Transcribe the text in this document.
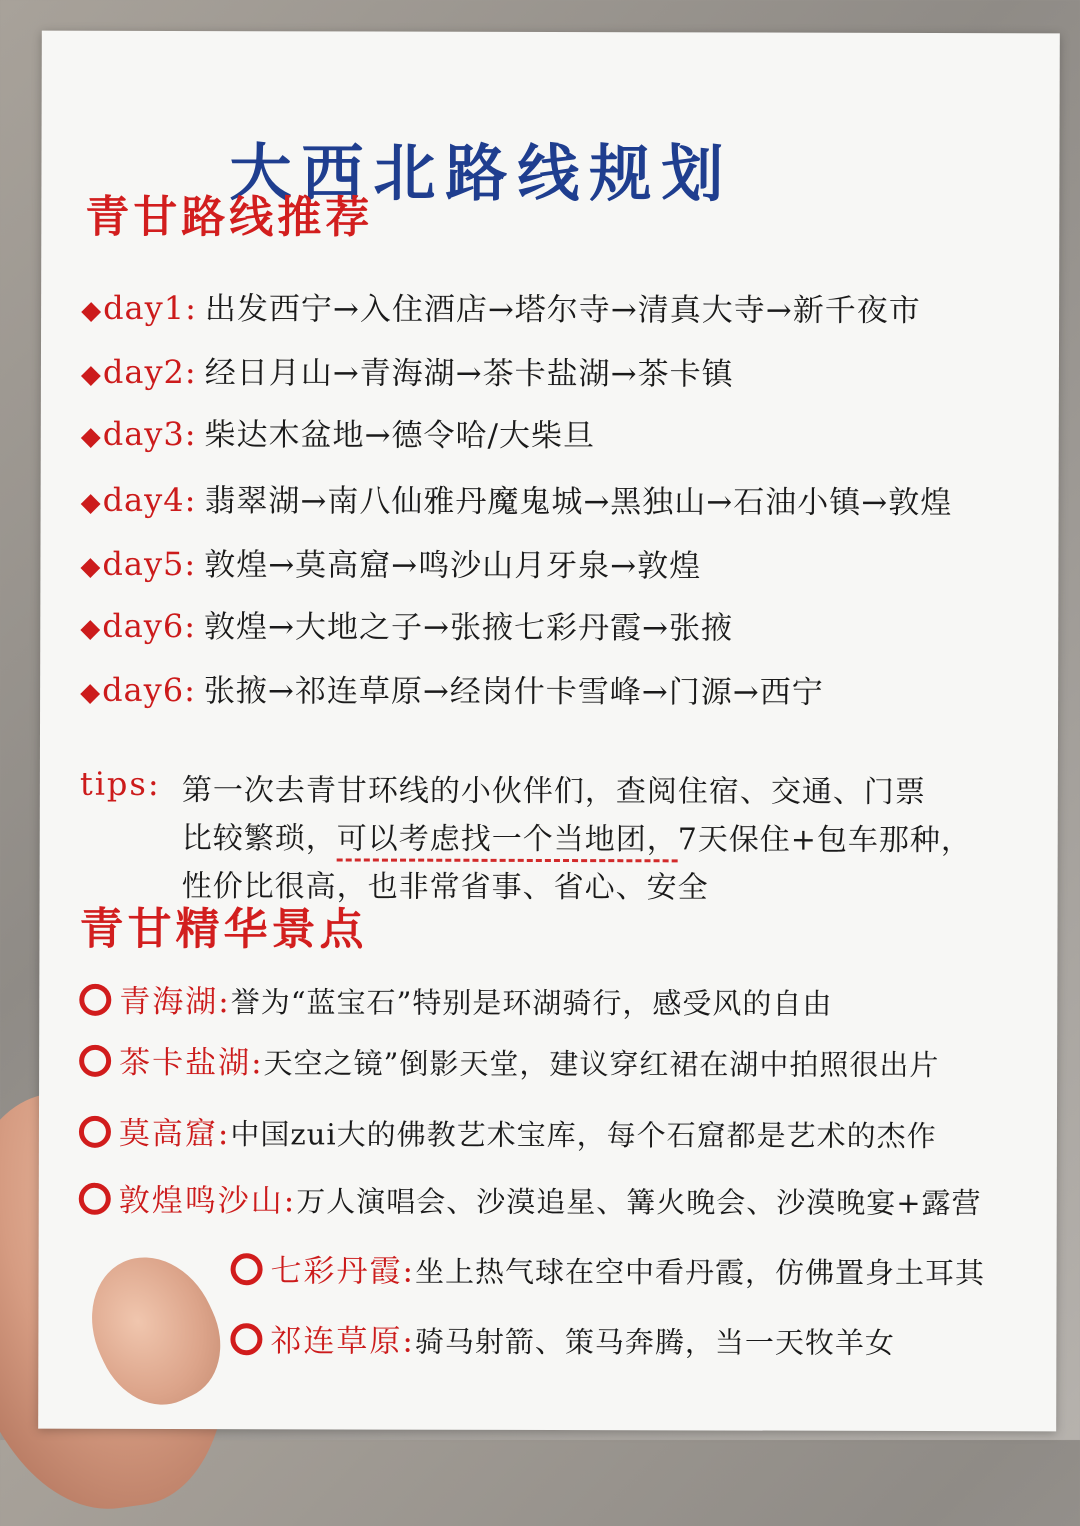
大西北路线规划
青甘路线推荐
◆day1: 出发西宁→入住酒店→塔尔寺→清真大寺→新千夜市
◆day2: 经日月山→青海湖→茶卡盐湖→茶卡镇
◆day3: 柴达木盆地→德令哈/大柴旦
◆day4: 翡翠湖→南八仙雅丹魔鬼城→黑独山→石油小镇→敦煌
◆day5: 敦煌→莫高窟→鸣沙山月牙泉→敦煌
◆day6: 敦煌→大地之子→张掖七彩丹霞→张掖
◆day6: 张掖→祁连草原→经岗什卡雪峰→门源→西宁
tips: 第一次去青甘环线的小伙伴们，查阅住宿、交通、门票
比较繁琐，可以考虑找一个当地团，7天保住+包车那种，
性价比很高，也非常省事、省心、安全
青甘精华景点
青海湖:誉为“蓝宝石”特别是环湖骑行，感受风的自由
茶卡盐湖:天空之镜”倒影天堂，建议穿红裙在湖中拍照很出片
莫高窟:中国zui大的佛教艺术宝库，每个石窟都是艺术的杰作
敦煌鸣沙山:万人演唱会、沙漠追星、篝火晚会、沙漠晚宴+露营
七彩丹霞:坐上热气球在空中看丹霞，仿佛置身土耳其
祁连草原:骑马射箭、策马奔腾，当一天牧羊女
